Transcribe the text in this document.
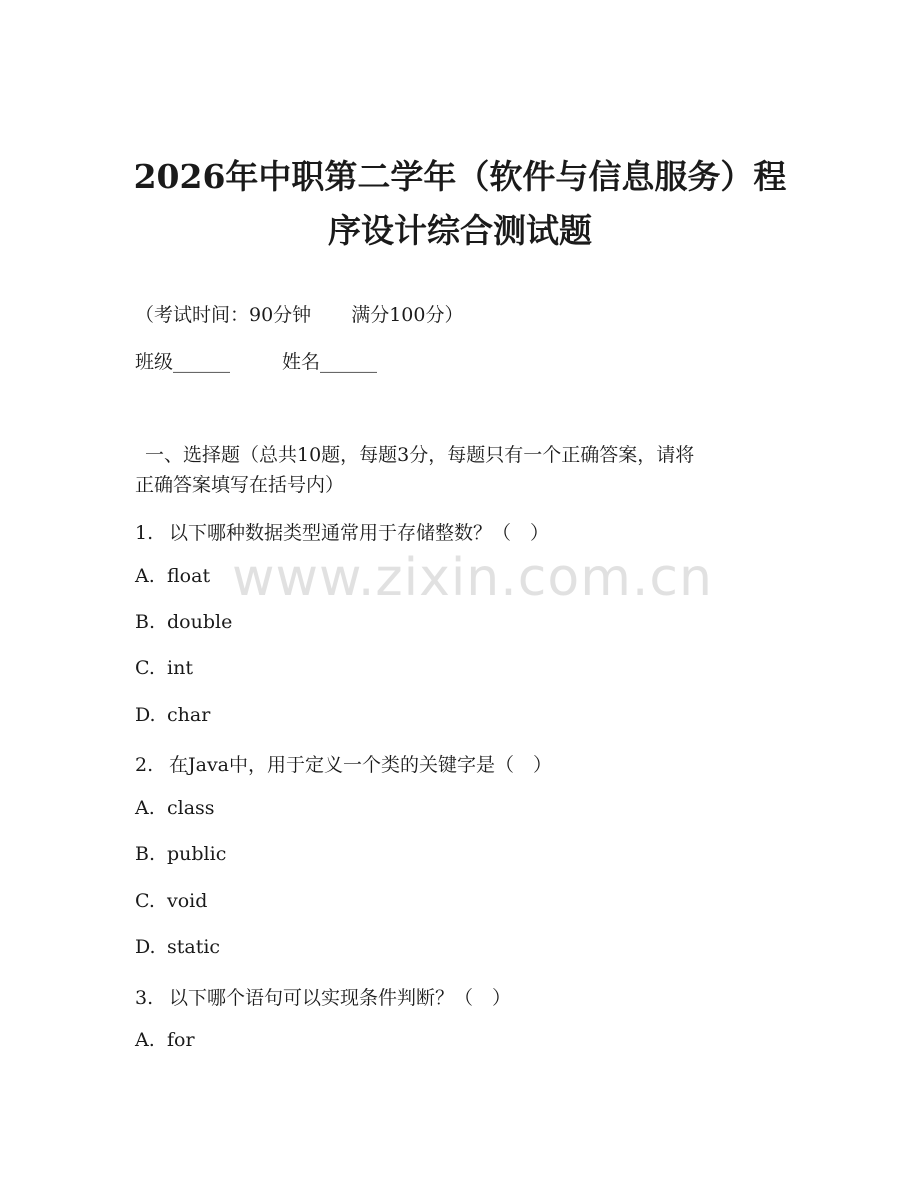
2026年中职第二学年（软件与信息服务）程
序设计综合测试题
（考试时间：90分钟 满分100分）
班级______	姓名______
一、选择题（总共10题，每题3分，每题只有一个正确答案，请将
正确答案填写在括号内）
1. 以下哪种数据类型通常用于存储整数？（　）
A. float
B. double
C. int
D. char
2. 在Java中，用于定义一个类的关键字是（　）
A. class
B. public
C. void
D. static
3. 以下哪个语句可以实现条件判断？（　）
A. for
www.zixin.com.cn
